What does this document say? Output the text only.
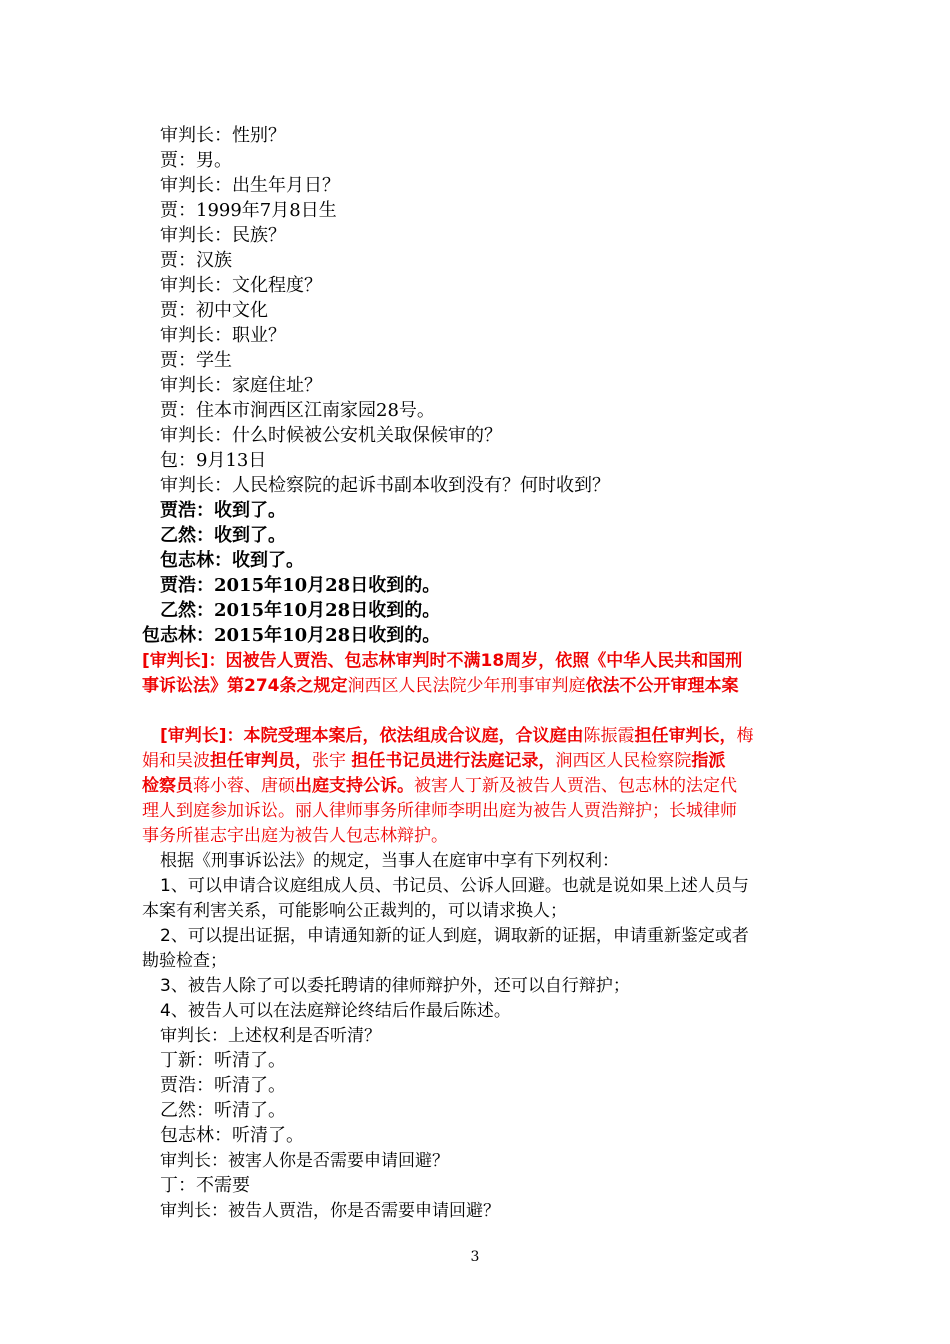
审判长：性别？
贾：男。
审判长：出生年月日？
贾：1999年7月8日生
审判长：民族？
贾：汉族
审判长：文化程度？
贾：初中文化
审判长：职业？
贾：学生
审判长：家庭住址？
贾：住本市涧西区江南家园28号。
审判长：什么时候被公安机关取保候审的？
包：9月13日
审判长：人民检察院的起诉书副本收到没有？何时收到？
贾浩：收到了。
乙然：收到了。
包志林：收到了。
贾浩：2015年10月28日收到的。
乙然：2015年10月28日收到的。
包志林：2015年10月28日收到的。
[审判长]：因被告人贾浩、包志林审判时不满18周岁，依照《中华人民共和国刑
事诉讼法》第274条之规定涧西区人民法院少年刑事审判庭依法不公开审理本案
[审判长]：本院受理本案后，依法组成合议庭，合议庭由陈振霞担任审判长，梅
娟和吴波担任审判员，张宇 担任书记员进行法庭记录，涧西区人民检察院指派
检察员蒋小蓉、唐硕出庭支持公诉。被害人丁新及被告人贾浩、包志林的法定代
理人到庭参加诉讼。丽人律师事务所律师李明出庭为被告人贾浩辩护；长城律师
事务所崔志宇出庭为被告人包志林辩护。
根据《刑事诉讼法》的规定，当事人在庭审中享有下列权利：
1、可以申请合议庭组成人员、书记员、公诉人回避。也就是说如果上述人员与
本案有利害关系，可能影响公正裁判的，可以请求换人；
2、可以提出证据，申请通知新的证人到庭，调取新的证据，申请重新鉴定或者
勘验检查；
3、被告人除了可以委托聘请的律师辩护外，还可以自行辩护；
4、被告人可以在法庭辩论终结后作最后陈述。
审判长：上述权利是否听清？
丁新：听清了。
贾浩：听清了。
乙然：听清了。
包志林：听清了。
审判长：被害人你是否需要申请回避？
丁：不需要
审判长：被告人贾浩，你是否需要申请回避？
3
